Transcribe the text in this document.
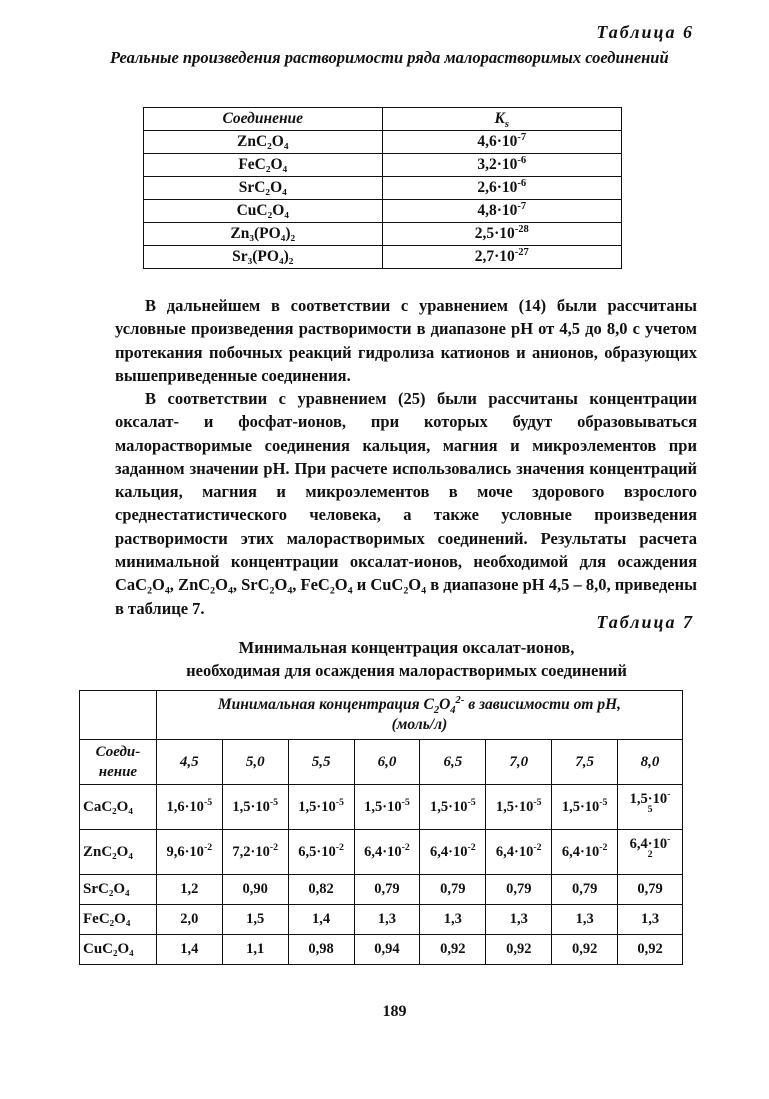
Таблица 6
Реальные произведения растворимости ряда малорастворимых соединений
Соединение	$K_s$
ZnC₂O₄	$4,6\cdot 10^{-7}$
FeC₂O₄	$3,2\cdot 10^{-6}$
SrC₂O₄	$2,6\cdot 10^{-6}$
CuC₂O₄	$4,8\cdot 10^{-7}$
Zn₃(PO₄)₂	$2,5\cdot 10^{-28}$
Sr₃(PO₄)₂	$2,7\cdot 10^{-27}$

В дальнейшем в соответствии с уравнением (14) были рассчитаны условные произведения растворимости в диапазоне pH от 4,5 до 8,0 с учетом протекания побочных реакций гидролиза катионов и анионов, образующих вышеприведенные соединения.

В соответствии с уравнением (25) были рассчитаны концентрации оксалат- и фосфат-ионов, при которых будут образовываться малорастворимые соединения кальция, магния и микроэлементов при заданном значении pH. При расчете использовались значения концентраций кальция, магния и микроэлементов в моче здорового взрослого среднестатистического человека, а также условные произведения растворимости этих малорастворимых соединений. Результаты расчета минимальной концентрации оксалат-ионов, необходимой для осаждения CaC₂O₄, ZnC₂O₄, SrC₂O₄, FeC₂O₄ и CuC₂O₄ в диапазоне pH 4,5 – 8,0, приведены в таблице 7.

Таблица 7
Минимальная концентрация оксалат-ионов,
необходимая для осаждения малорастворимых соединений
	Минимальная концентрация $C_2O_4^{2-}$ в зависимости от pH,
(моль/л)							
Соеди-
нение	4,5	5,0	5,5	6,0	6,5	7,0	7,5	8,0
CaC₂O₄	$1,6\cdot 10^{-5}$	$1,5\cdot 10^{-5}$	$1,5\cdot 10^{-5}$	$1,5\cdot 10^{-5}$	$1,5\cdot 10^{-5}$	$1,5\cdot 10^{-5}$	$1,5\cdot 10^{-5}$	1,5·10-
$^5$
ZnC₂O₄	$9,6\cdot 10^{-2}$	$7,2\cdot 10^{-2}$	$6,5\cdot 10^{-2}$	$6,4\cdot 10^{-2}$	$6,4\cdot 10^{-2}$	$6,4\cdot 10^{-2}$	$6,4\cdot 10^{-2}$	6,4·10-
$^2$
SrC₂O₄	1,2	0,90	0,82	0,79	0,79	0,79	0,79	0,79
FeC₂O₄	2,0	1,5	1,4	1,3	1,3	1,3	1,3	1,3
CuC₂O₄	1,4	1,1	0,98	0,94	0,92	0,92	0,92	0,92
189
